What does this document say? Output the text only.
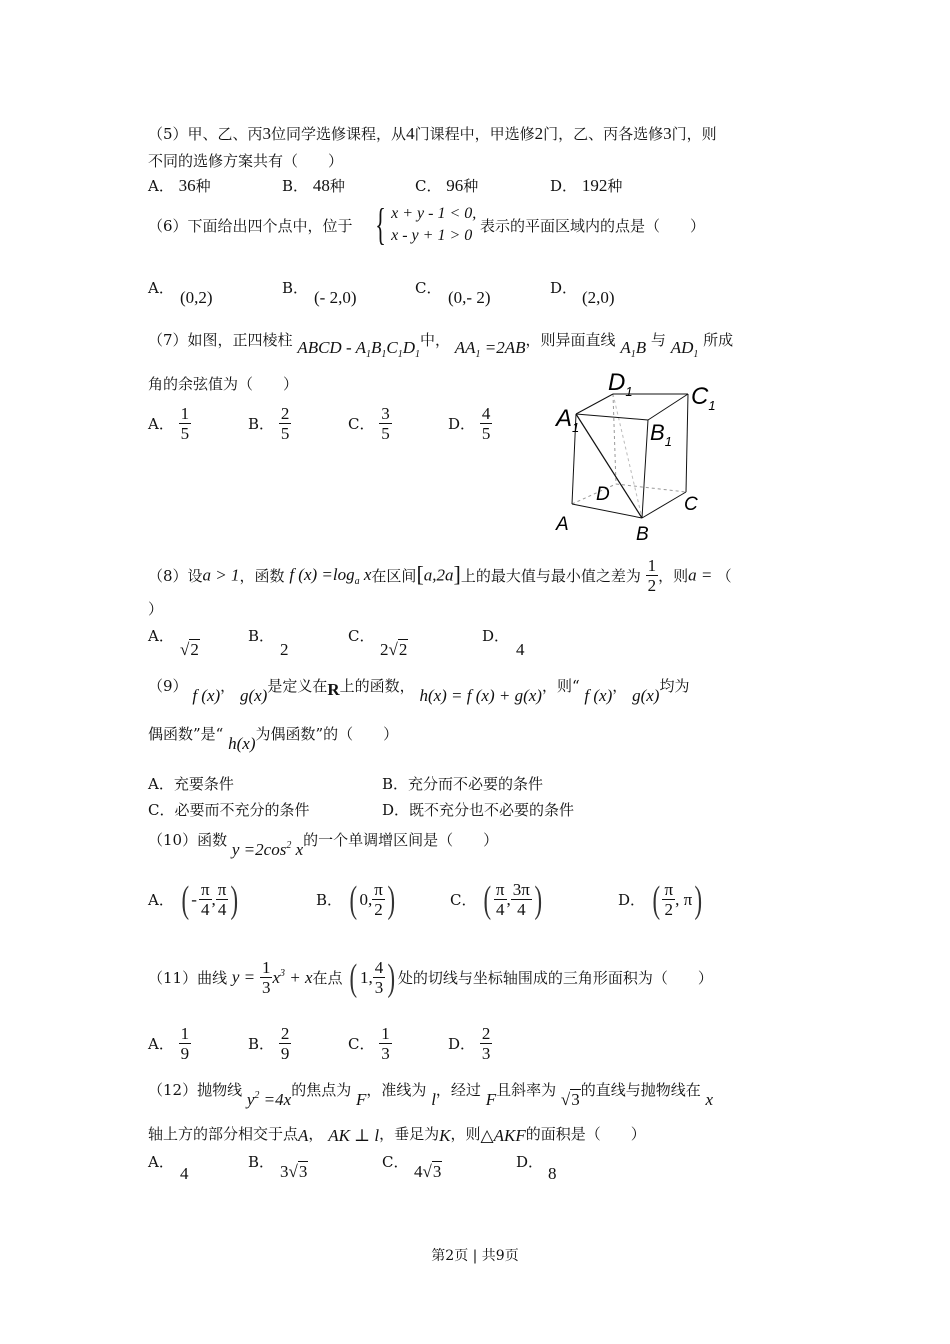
（5）甲、乙、丙3位同学选修课程，从4门课程中，甲选修2门，乙、丙各选修3门，则
不同的选修方案共有（　　）
A． 36种	B． 48种	C． 96种	D． 192种
（6）下面给出四个点中，位于 { x + y - 1 < 0,
x - y + 1 > 0
表示的平面区域内的点是（　　）
A． (0,2)	B． (- 2,0)	C． (0,- 2)	D． (2,0)
（7）如图，正四棱柱 ABCD - $A_1B_1C_1D_1$中， $AA_1 =2AB$，则异面直线 $A_1B$ 与 $AD_1$ 所成
角的余弦值为（　　）
A． $\frac{1}{5}$	B． $\frac{2}{5}$	C． $\frac{3}{5}$	D． $\frac{4}{5}$	$A_1$
$D_1$ $C_1$
$B_1$
D
A	B
C
（8）设a > 1，函数 f $(x) =\log_a$ x在区间[a,2a]上的最大值与最小值之差为 $\frac{1}{2}$ ，则a = （
）
A．
√2
B．
2
C．
2√2
D．
4
（9） f (x)， g(x)是定义在R上的函数， h(x) = f (x) + g(x)，则“ f (x)， g(x)均为
偶函数”是“ h(x)为偶函数”的（　　）
A．充要条件	B．充分而不必要的条件
C．必要而不充分的条件	D．既不充分也不必要的条件
（10）函数 $y =2\cos^2$ x的一个单调增区间是（　　）
A． ( - $\frac{\pi}{4}$ , $\frac{\pi}{4}$ )	B． ( 0, $\frac{\pi}{2}$ )	C． ( $\frac{\pi}{4}$ , $\frac{3\pi}{4}$ )	D． ( $\frac{\pi}{2}$ , π )
（11）曲线 $y = \frac{1}{3} x^3 + x$在点 ( 1, $\frac{4}{3}$ ) 处的切线与坐标轴围成的三角形面积为（　　）
A． $\frac{1}{9}$	B． $\frac{2}{9}$	C． $\frac{1}{3}$	D． $\frac{2}{3}$
（12）抛物线 $y^2 =4x$的焦点为 F，准线为 l，经过 F且斜率为 √3的直线与抛物线在 x
轴上方的部分相交于点A， AK ⊥ l，垂足为K，则△AKF的面积是（　　）
A．
4
B． 3√3	C． 4√3	D．
8
第2页 | 共9页
